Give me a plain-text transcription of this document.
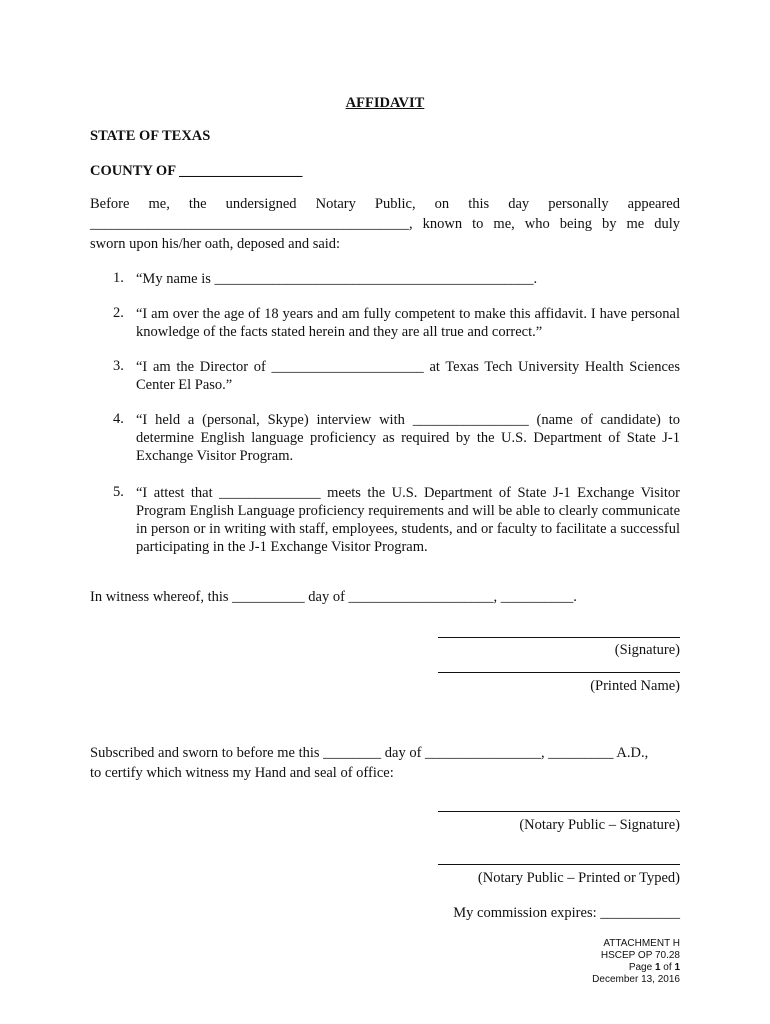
AFFIDAVIT
STATE OF TEXAS
COUNTY OF _________________
Before me, the undersigned Notary Public, on this day personally appeared
____________________________________________, known to me, who being by me duly
sworn upon his/her oath, deposed and said:
1. “My name is ____________________________________________.
2. “I am over the age of 18 years and am fully competent to make this affidavit. I have personal knowledge of the facts stated herein and they are all true and correct.”
3. “I am the Director of _____________________ at Texas Tech University Health Sciences Center El Paso.”
4. “I held a (personal, Skype) interview with ________________ (name of candidate) to determine English language proficiency as required by the U.S. Department of State J-1 Exchange Visitor Program.
5. “I attest that ______________ meets the U.S. Department of State J-1 Exchange Visitor Program English Language proficiency requirements and will be able to clearly communicate in person or in writing with staff, employees, students, and or faculty to facilitate a successful participating in the J-1 Exchange Visitor Program.
In witness whereof, this __________ day of ____________________, __________.
(Signature)
(Printed Name)
Subscribed and sworn to before me this ________ day of ________________, _________ A.D.,
to certify which witness my Hand and seal of office:
(Notary Public – Signature)
(Notary Public – Printed or Typed)
My commission expires: ___________
ATTACHMENT H
HSCEP OP 70.28
Page 1 of 1
December 13, 2016
